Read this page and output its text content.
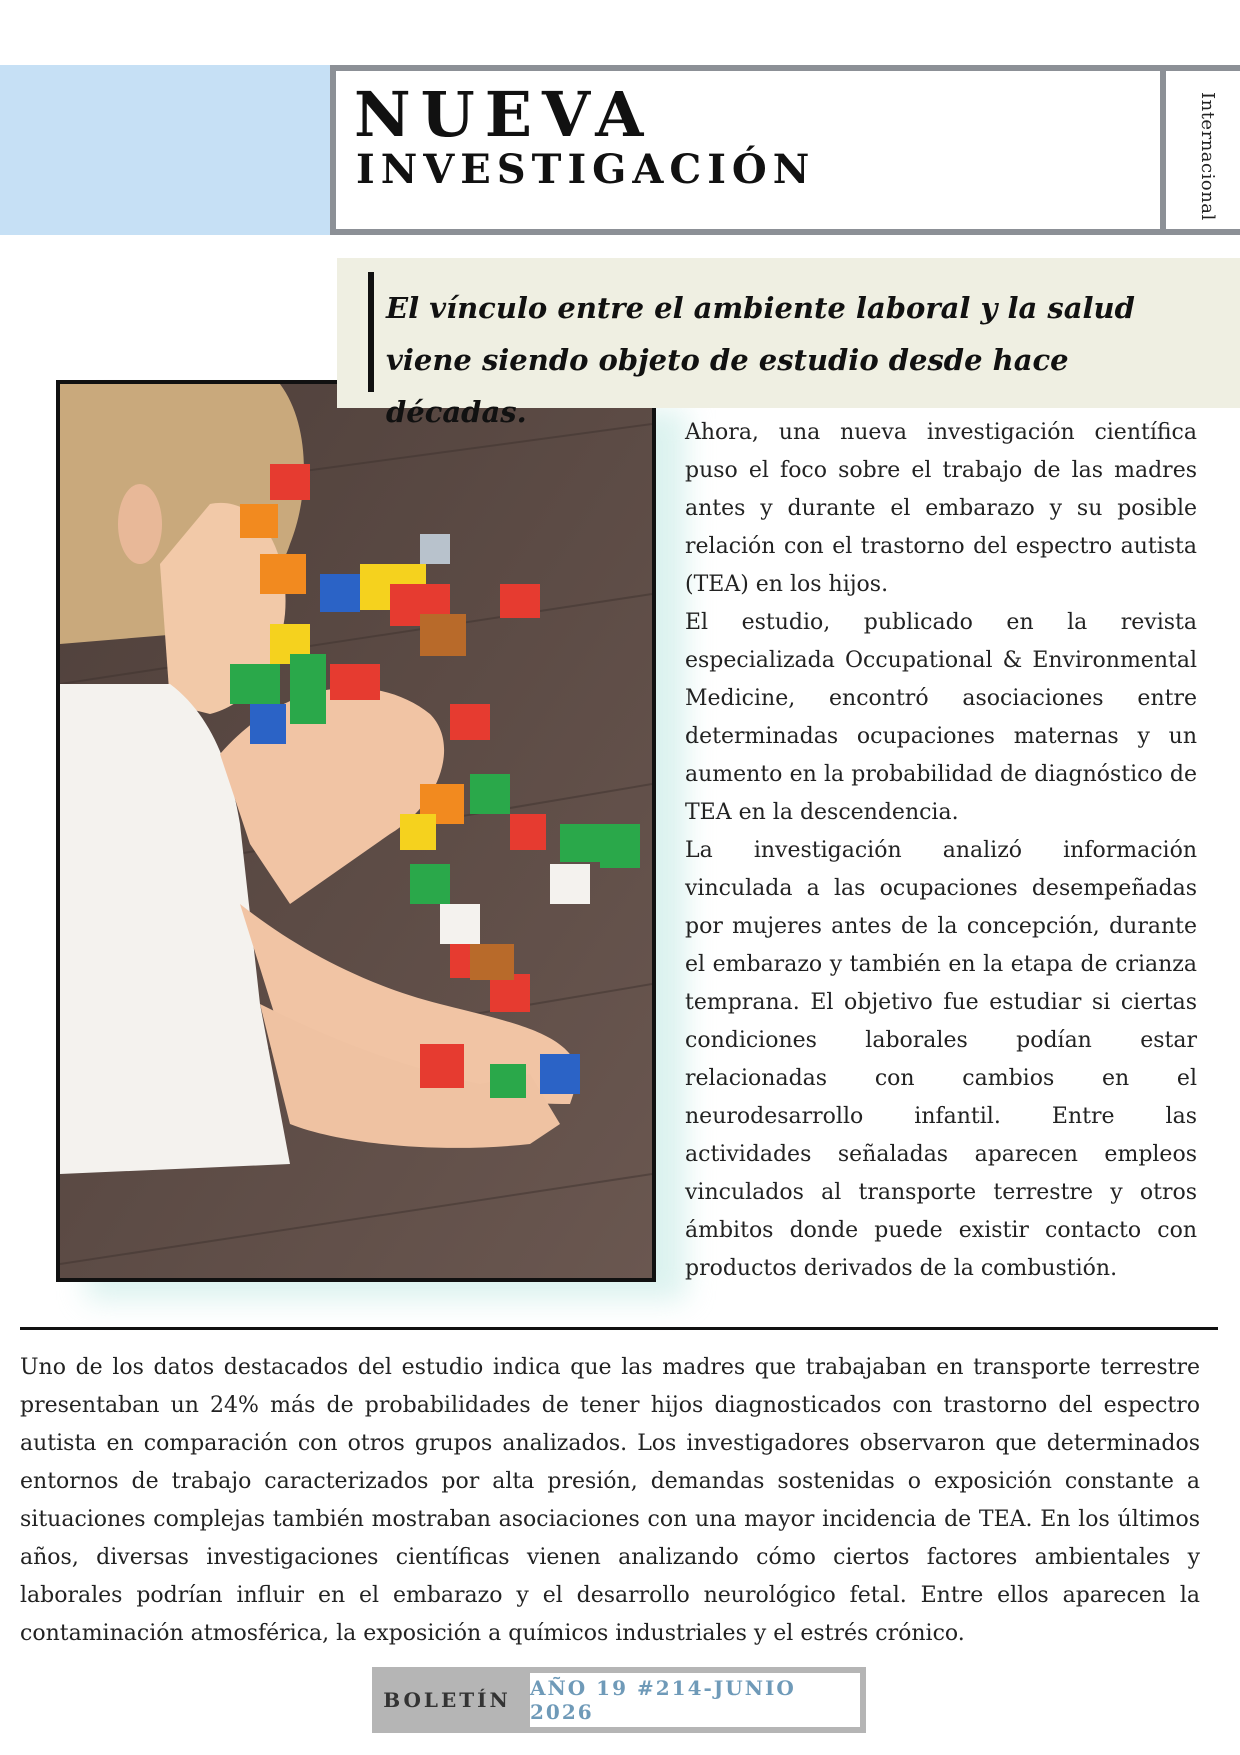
NUEVA
INVESTIGACIÓN	Internacional
El vínculo entre el ambiente laboral y la salud viene siendo objeto de estudio desde hace décadas.

Ahora, una nueva investigación científica puso el foco sobre el trabajo de las madres antes y durante el embarazo y su posible relación con el trastorno del espectro autista (TEA) en los hijos.

El estudio, publicado en la revista especializada Occupational & Environmental Medicine, encontró asociaciones entre determinadas ocupaciones maternas y un aumento en la probabilidad de diagnóstico de TEA en la descendencia.

La investigación analizó información vinculada a las ocupaciones desempeñadas por mujeres antes de la concepción, durante el embarazo y también en la etapa de crianza temprana. El objetivo fue estudiar si ciertas condiciones laborales podían estar relacionadas con cambios en el neurodesarrollo infantil. Entre las actividades señaladas aparecen empleos vinculados al transporte terrestre y otros ámbitos donde puede existir contacto con productos derivados de la combustión.

Uno de los datos destacados del estudio indica que las madres que trabajaban en transporte terrestre presentaban un 24% más de probabilidades de tener hijos diagnosticados con trastorno del espectro autista en comparación con otros grupos analizados. Los investigadores observaron que determinados entornos de trabajo caracterizados por alta presión, demandas sostenidas o exposición constante a situaciones complejas también mostraban asociaciones con una mayor incidencia de TEA. En los últimos años, diversas investigaciones científicas vienen analizando cómo ciertos factores ambientales y laborales podrían influir en el embarazo y el desarrollo neurológico fetal. Entre ellos aparecen la contaminación atmosférica, la exposición a químicos industriales y el estrés crónico.

BOLETÍN AÑO 19 #214-JUNIO 2026
